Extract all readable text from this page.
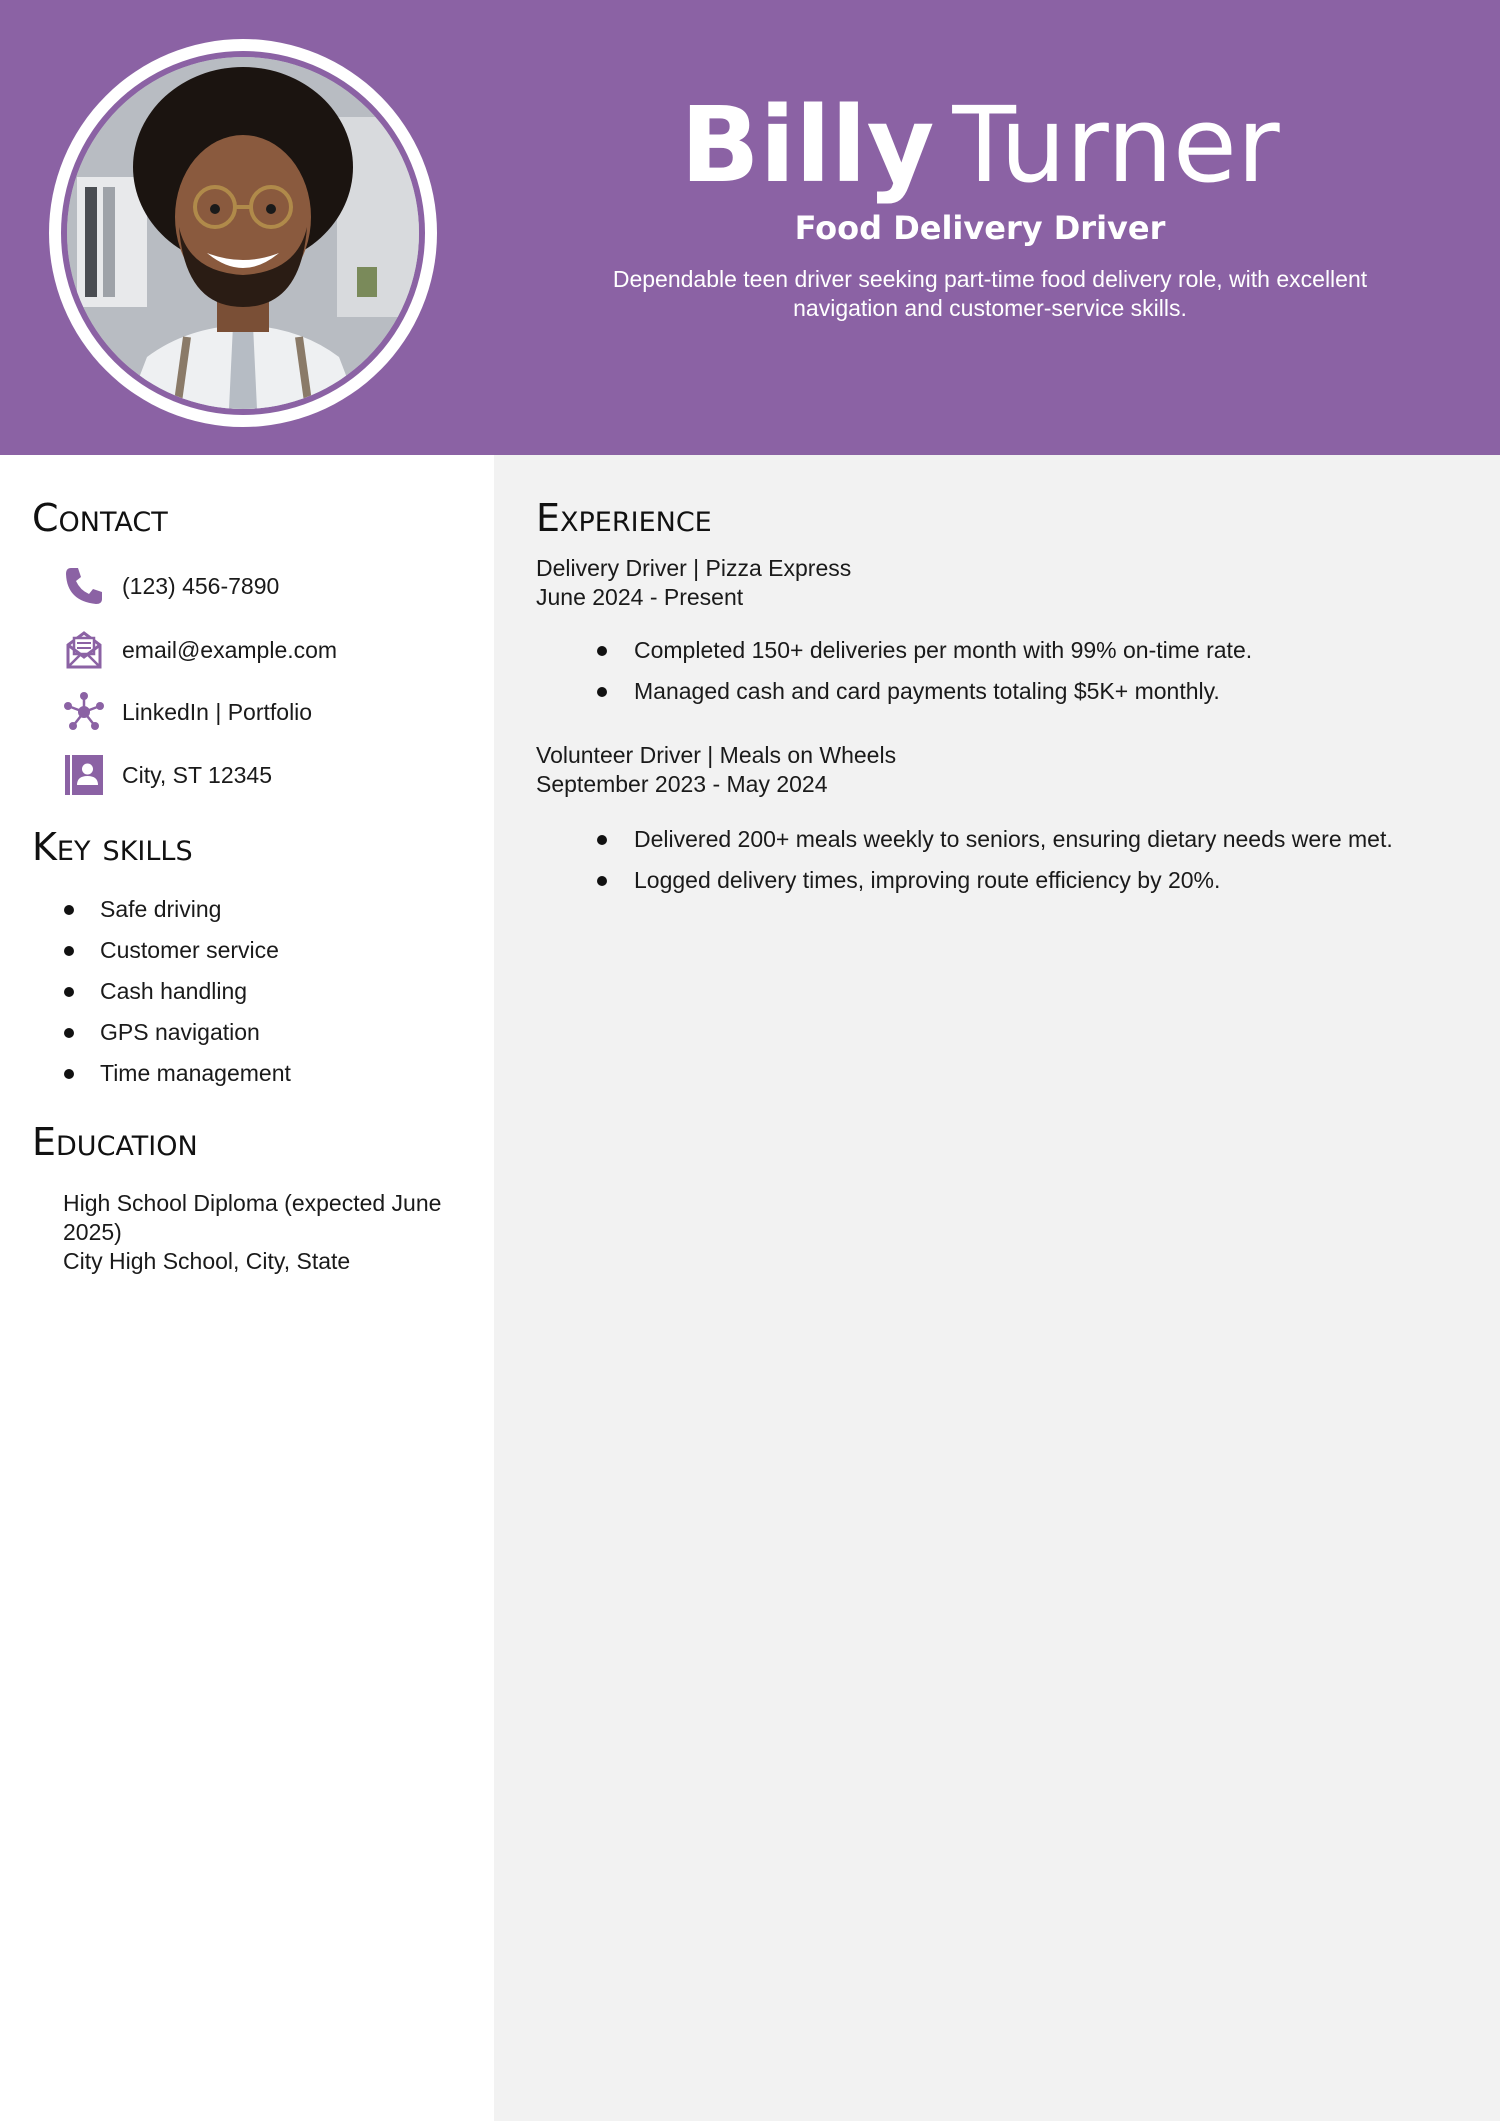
Billy Turner
Food Delivery Driver
Dependable teen driver seeking part-time food delivery role, with excellent navigation and customer-service skills.
Contact
(123) 456-7890
email@example.com
LinkedIn | Portfolio
City, ST 12345
Key skills
Safe driving
Customer service
Cash handling
GPS navigation
Time management
Education
High School Diploma (expected June
2025)
City High School, City, State
Experience
Delivery Driver | Pizza Express
June 2024 - Present
Completed 150+ deliveries per month with 99% on-time rate.
Managed cash and card payments totaling $5K+ monthly.
Volunteer Driver | Meals on Wheels
September 2023 - May 2024
Delivered 200+ meals weekly to seniors, ensuring dietary needs were met.
Logged delivery times, improving route efficiency by 20%.
